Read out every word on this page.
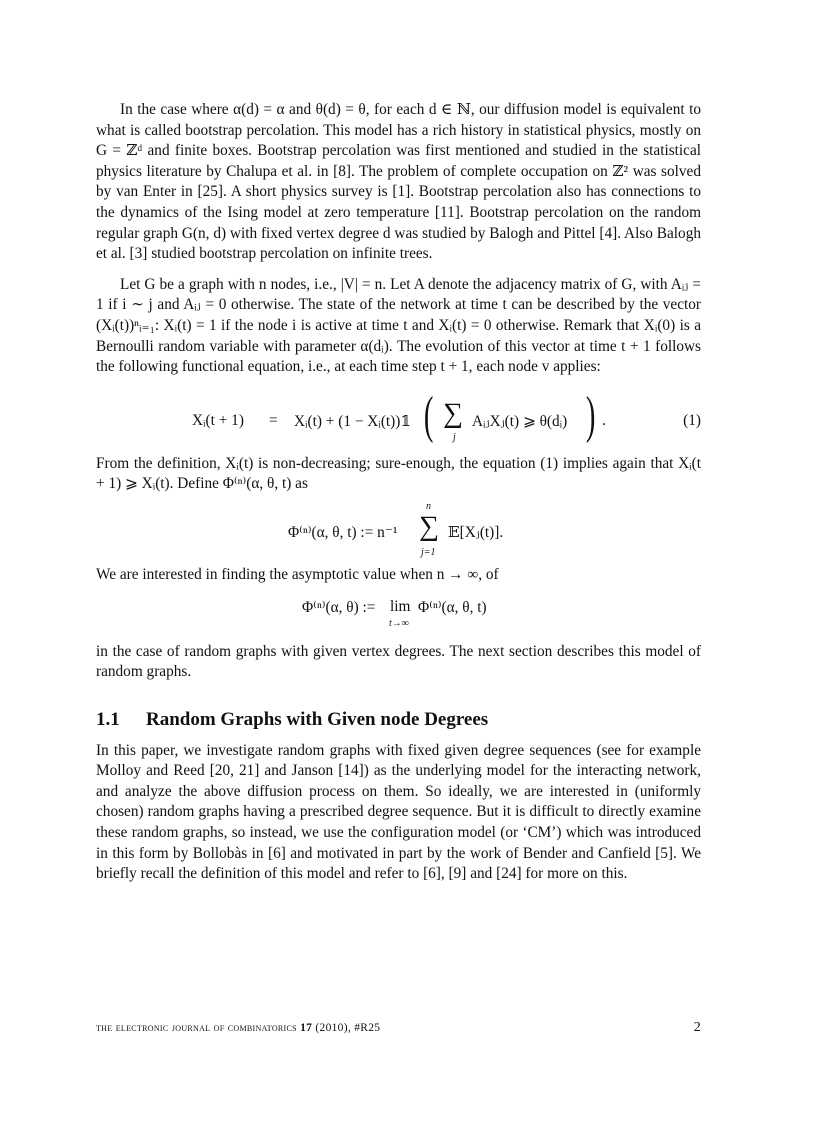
In the case where α(d) = α and θ(d) = θ, for each d ∈ ℕ, our diffusion model is equivalent to what is called bootstrap percolation. This model has a rich history in statistical physics, mostly on G = ℤᵈ and finite boxes. Bootstrap percolation was first mentioned and studied in the statistical physics literature by Chalupa et al. in [8]. The problem of complete occupation on ℤ² was solved by van Enter in [25]. A short physics survey is [1]. Bootstrap percolation also has connections to the dynamics of the Ising model at zero temperature [11]. Bootstrap percolation on the random regular graph G(n, d) with fixed vertex degree d was studied by Balogh and Pittel [4]. Also Balogh et al. [3] studied bootstrap percolation on infinite trees.

Let G be a graph with n nodes, i.e., |V| = n. Let A denote the adjacency matrix of G, with Aᵢⱼ = 1 if i ∼ j and Aᵢⱼ = 0 otherwise. The state of the network at time t can be described by the vector (Xᵢ(t))ⁿᵢ₌₁: Xᵢ(t) = 1 if the node i is active at time t and Xᵢ(t) = 0 otherwise. Remark that Xᵢ(0) is a Bernoulli random variable with parameter α(dᵢ). The evolution of this vector at time t + 1 follows the following functional equation, i.e., at each time step t + 1, each node v applies:

Xᵢ(t + 1) = Xᵢ(t) + (1 − Xᵢ(t))𝟙 ( ∑
j
AᵢⱼXⱼ(t) ⩾ θ(dᵢ) ) .	(1)

From the definition, Xᵢ(t) is non-decreasing; sure-enough, the equation (1) implies again that Xᵢ(t + 1) ⩾ Xᵢ(t). Define Φ⁽ⁿ⁾(α, θ, t) as

Φ⁽ⁿ⁾(α, θ, t) := n⁻¹
n
∑
j=1
𝔼[Xⱼ(t)].

We are interested in finding the asymptotic value when n → ∞, of

Φ⁽ⁿ⁾(α, θ) := lim
t→∞
Φ⁽ⁿ⁾(α, θ, t)

in the case of random graphs with given vertex degrees. The next section describes this model of random graphs.

1.1 Random Graphs with Given node Degrees

In this paper, we investigate random graphs with fixed given degree sequences (see for example Molloy and Reed [20, 21] and Janson [14]) as the underlying model for the interacting network, and analyze the above diffusion process on them. So ideally, we are interested in (uniformly chosen) random graphs having a prescribed degree sequence. But it is difficult to directly examine these random graphs, so instead, we use the configuration model (or ‘CM’) which was introduced in this form by Bollobàs in [6] and motivated in part by the work of Bender and Canfield [5]. We briefly recall the definition of this model and refer to [6], [9] and [24] for more on this.

the electronic journal of combinatorics 17 (2010), #R25	2
